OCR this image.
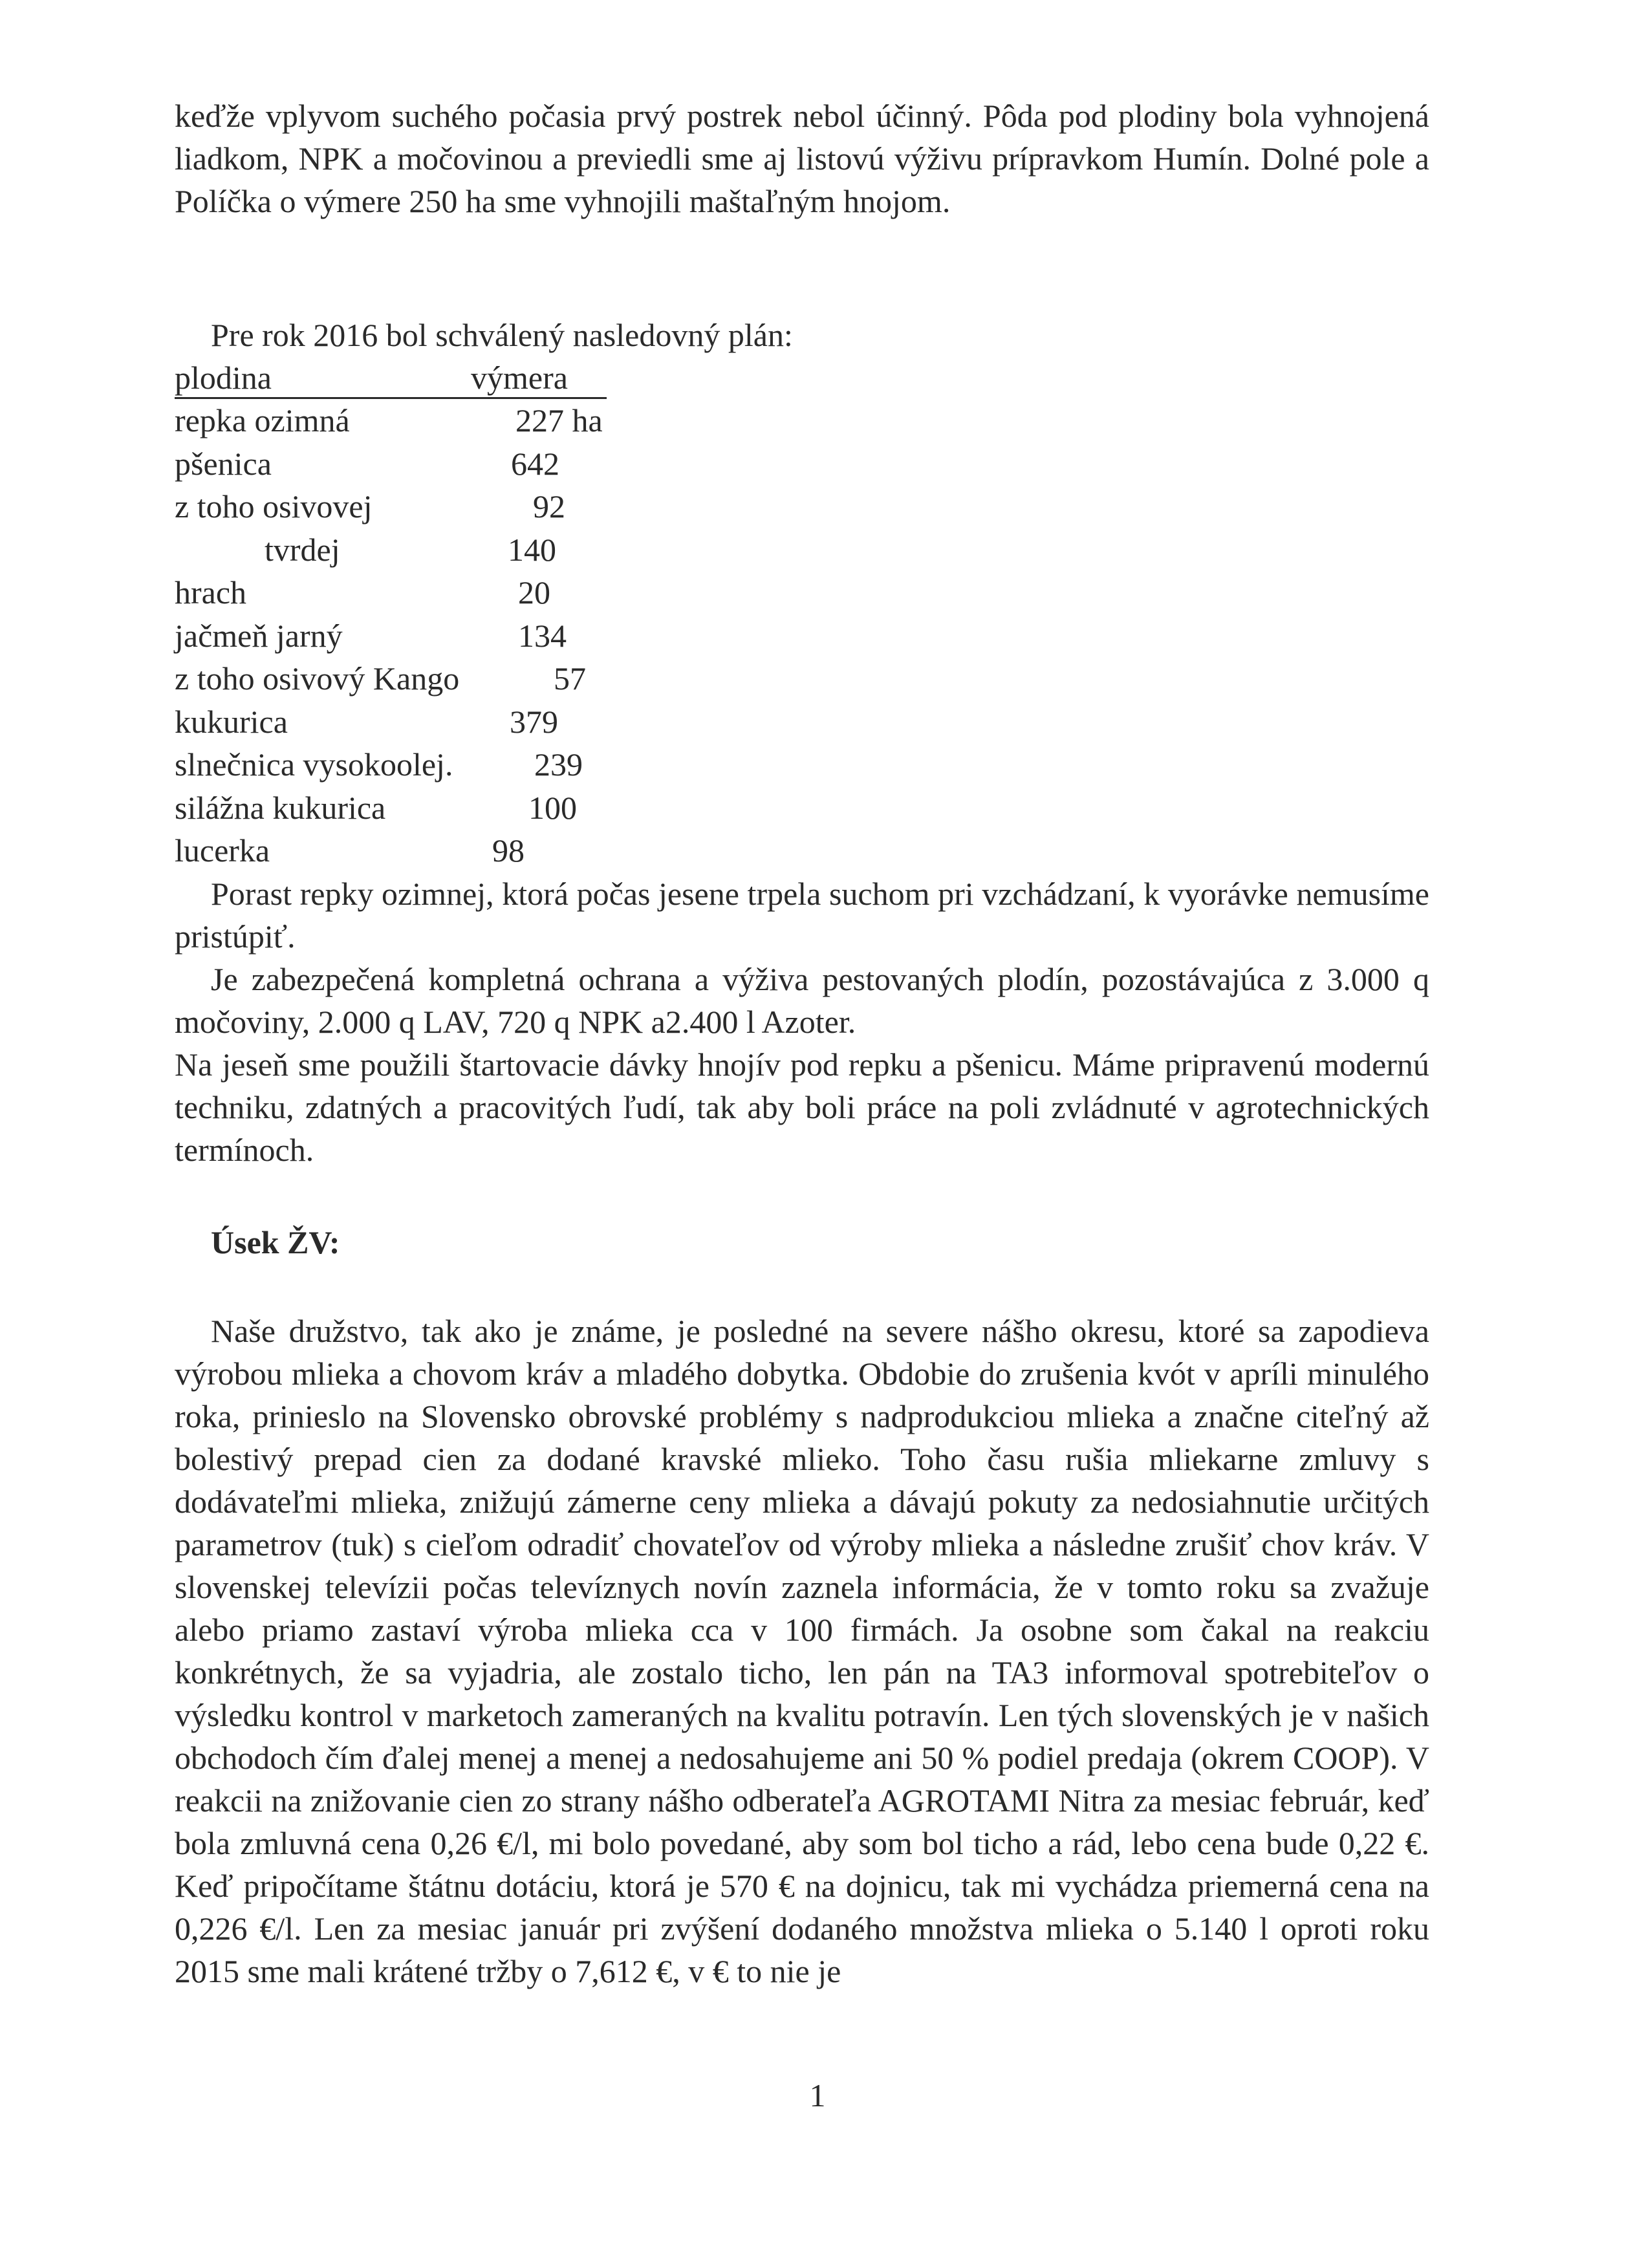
keďže vplyvom suchého počasia prvý postrek nebol účinný. Pôda pod plodiny bola vyhnojená liadkom, NPK a močovinou a previedli sme aj listovú výživu prípravkom Humín. Dolné pole a Políčka o výmere 250 ha sme vyhnojili maštaľným hnojom.

Pre rok 2016 bol schválený nasledovný plán:

plodina	výmera
repka ozimná	227 ha
pšenica	642
z toho osivovej	92
tvrdej	140
hrach	20
jačmeň jarný	134
z toho osivový Kango	57
kukurica	379
slnečnica vysokoolej.	239
silážna kukurica	100
lucerka	98

Porast repky ozimnej, ktorá počas jesene trpela suchom pri vzchádzaní, k vyorávke nemusíme pristúpiť.

Je zabezpečená kompletná ochrana a výživa pestovaných plodín, pozostávajúca z 3.000 q močoviny, 2.000 q LAV, 720 q NPK a2.400 l Azoter.

Na jeseň sme použili štartovacie dávky hnojív pod repku a pšenicu. Máme pripravenú modernú techniku, zdatných a pracovitých ľudí, tak aby boli práce na poli zvládnuté v agrotechnických termínoch.

Úsek ŽV:

Naše družstvo, tak ako je známe, je posledné na severe nášho okresu, ktoré sa zapodieva výrobou mlieka a chovom kráv a mladého dobytka. Obdobie do zrušenia kvót v apríli minulého roka, prinieslo na Slovensko obrovské problémy s nadprodukciou mlieka a značne citeľný až bolestivý prepad cien za dodané kravské mlieko. Toho času rušia mliekarne zmluvy s dodávateľmi mlieka, znižujú zámerne ceny mlieka a dávajú pokuty za nedosiahnutie určitých parametrov (tuk) s cieľom odradiť chovateľov od výroby mlieka a následne zrušiť chov kráv. V slovenskej televízii počas televíznych novín zaznela informácia, že v tomto roku sa zvažuje alebo priamo zastaví výroba mlieka cca v 100 firmách. Ja osobne som čakal na reakciu konkrétnych, že sa vyjadria, ale zostalo ticho, len pán na TA3 informoval spotrebiteľov o výsledku kontrol v marketoch zameraných na kvalitu potravín. Len tých slovenských je v našich obchodoch čím ďalej menej a menej a nedosahujeme ani 50 % podiel predaja (okrem COOP). V reakcii na znižovanie cien zo strany nášho odberateľa AGROTAMI Nitra za mesiac február, keď bola zmluvná cena 0,26 €/l, mi bolo povedané, aby som bol ticho a rád, lebo cena bude 0,22 €. Keď pripočítame štátnu dotáciu, ktorá je 570 € na dojnicu, tak mi vychádza priemerná cena na 0,226 €/l. Len za mesiac január pri zvýšení dodaného množstva mlieka o 5.140 l oproti roku 2015 sme mali krátené tržby o 7,612 €, v € to nie je

1
